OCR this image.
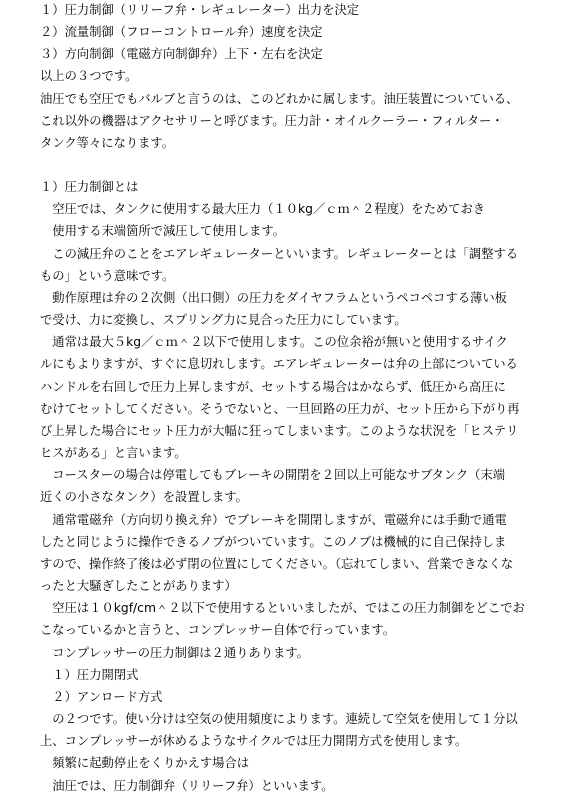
１）圧力制御（リリーフ弁・レギュレーター）出力を決定
２）流量制御（フローコントロール弁）速度を決定
３）方向制御（電磁方向制御弁）上下・左右を決定
以上の３つです。
油圧でも空圧でもバルブと言うのは、このどれかに属します。油圧装置についている、
これ以外の機器はアクセサリーと呼びます。圧力計・オイルクーラー・フィルター・
タンク等々になります。
１）圧力制御とは
　空圧では、タンクに使用する最大圧力（１０kg／ｃｍ＾２程度）をためておき
　使用する末端箇所で減圧して使用します。
　この減圧弁のことをエアレギュレーターといいます。レギュレーターとは「調整する
もの」という意味です。
　動作原理は弁の２次側（出口側）の圧力をダイヤフラムというペコペコする薄い板
で受け、力に変換し、スプリング力に見合った圧力にしています。
　通常は最大５kg／ｃｍ＾２以下で使用します。この位余裕が無いと使用するサイク
ルにもよりますが、すぐに息切れします。エアレギュレーターは弁の上部についている
ハンドルを右回しで圧力上昇しますが、セットする場合はかならず、低圧から高圧に
むけてセットしてください。そうでないと、一旦回路の圧力が、セット圧から下がり再
び上昇した場合にセット圧力が大幅に狂ってしまいます。このような状況を「ヒステリ
ヒスがある」と言います。
　コースターの場合は停電してもブレーキの開閉を２回以上可能なサブタンク（末端
近くの小さなタンク）を設置します。
　通常電磁弁（方向切り換え弁）でブレーキを開閉しますが、電磁弁には手動で通電
したと同じように操作できるノブがついています。このノブは機械的に自己保持しま
すので、操作終了後は必ず閉の位置にしてください。（忘れてしまい、営業できなくな
ったと大騒ぎしたことがあります）
　空圧は１０kgf/cm＾２以下で使用するといいましたが、ではこの圧力制御をどこでお
こなっているかと言うと、コンプレッサー自体で行っています。
　コンプレッサーの圧力制御は２通りあります。
　１）圧力開閉式
　２）アンロード方式
　の２つです。使い分けは空気の使用頻度によります。連続して空気を使用して１分以
上、コンプレッサーが休めるようなサイクルでは圧力開閉方式を使用します。
　頻繁に起動停止をくりかえす場合は
　油圧では、圧力制御弁（リリーフ弁）といいます。
